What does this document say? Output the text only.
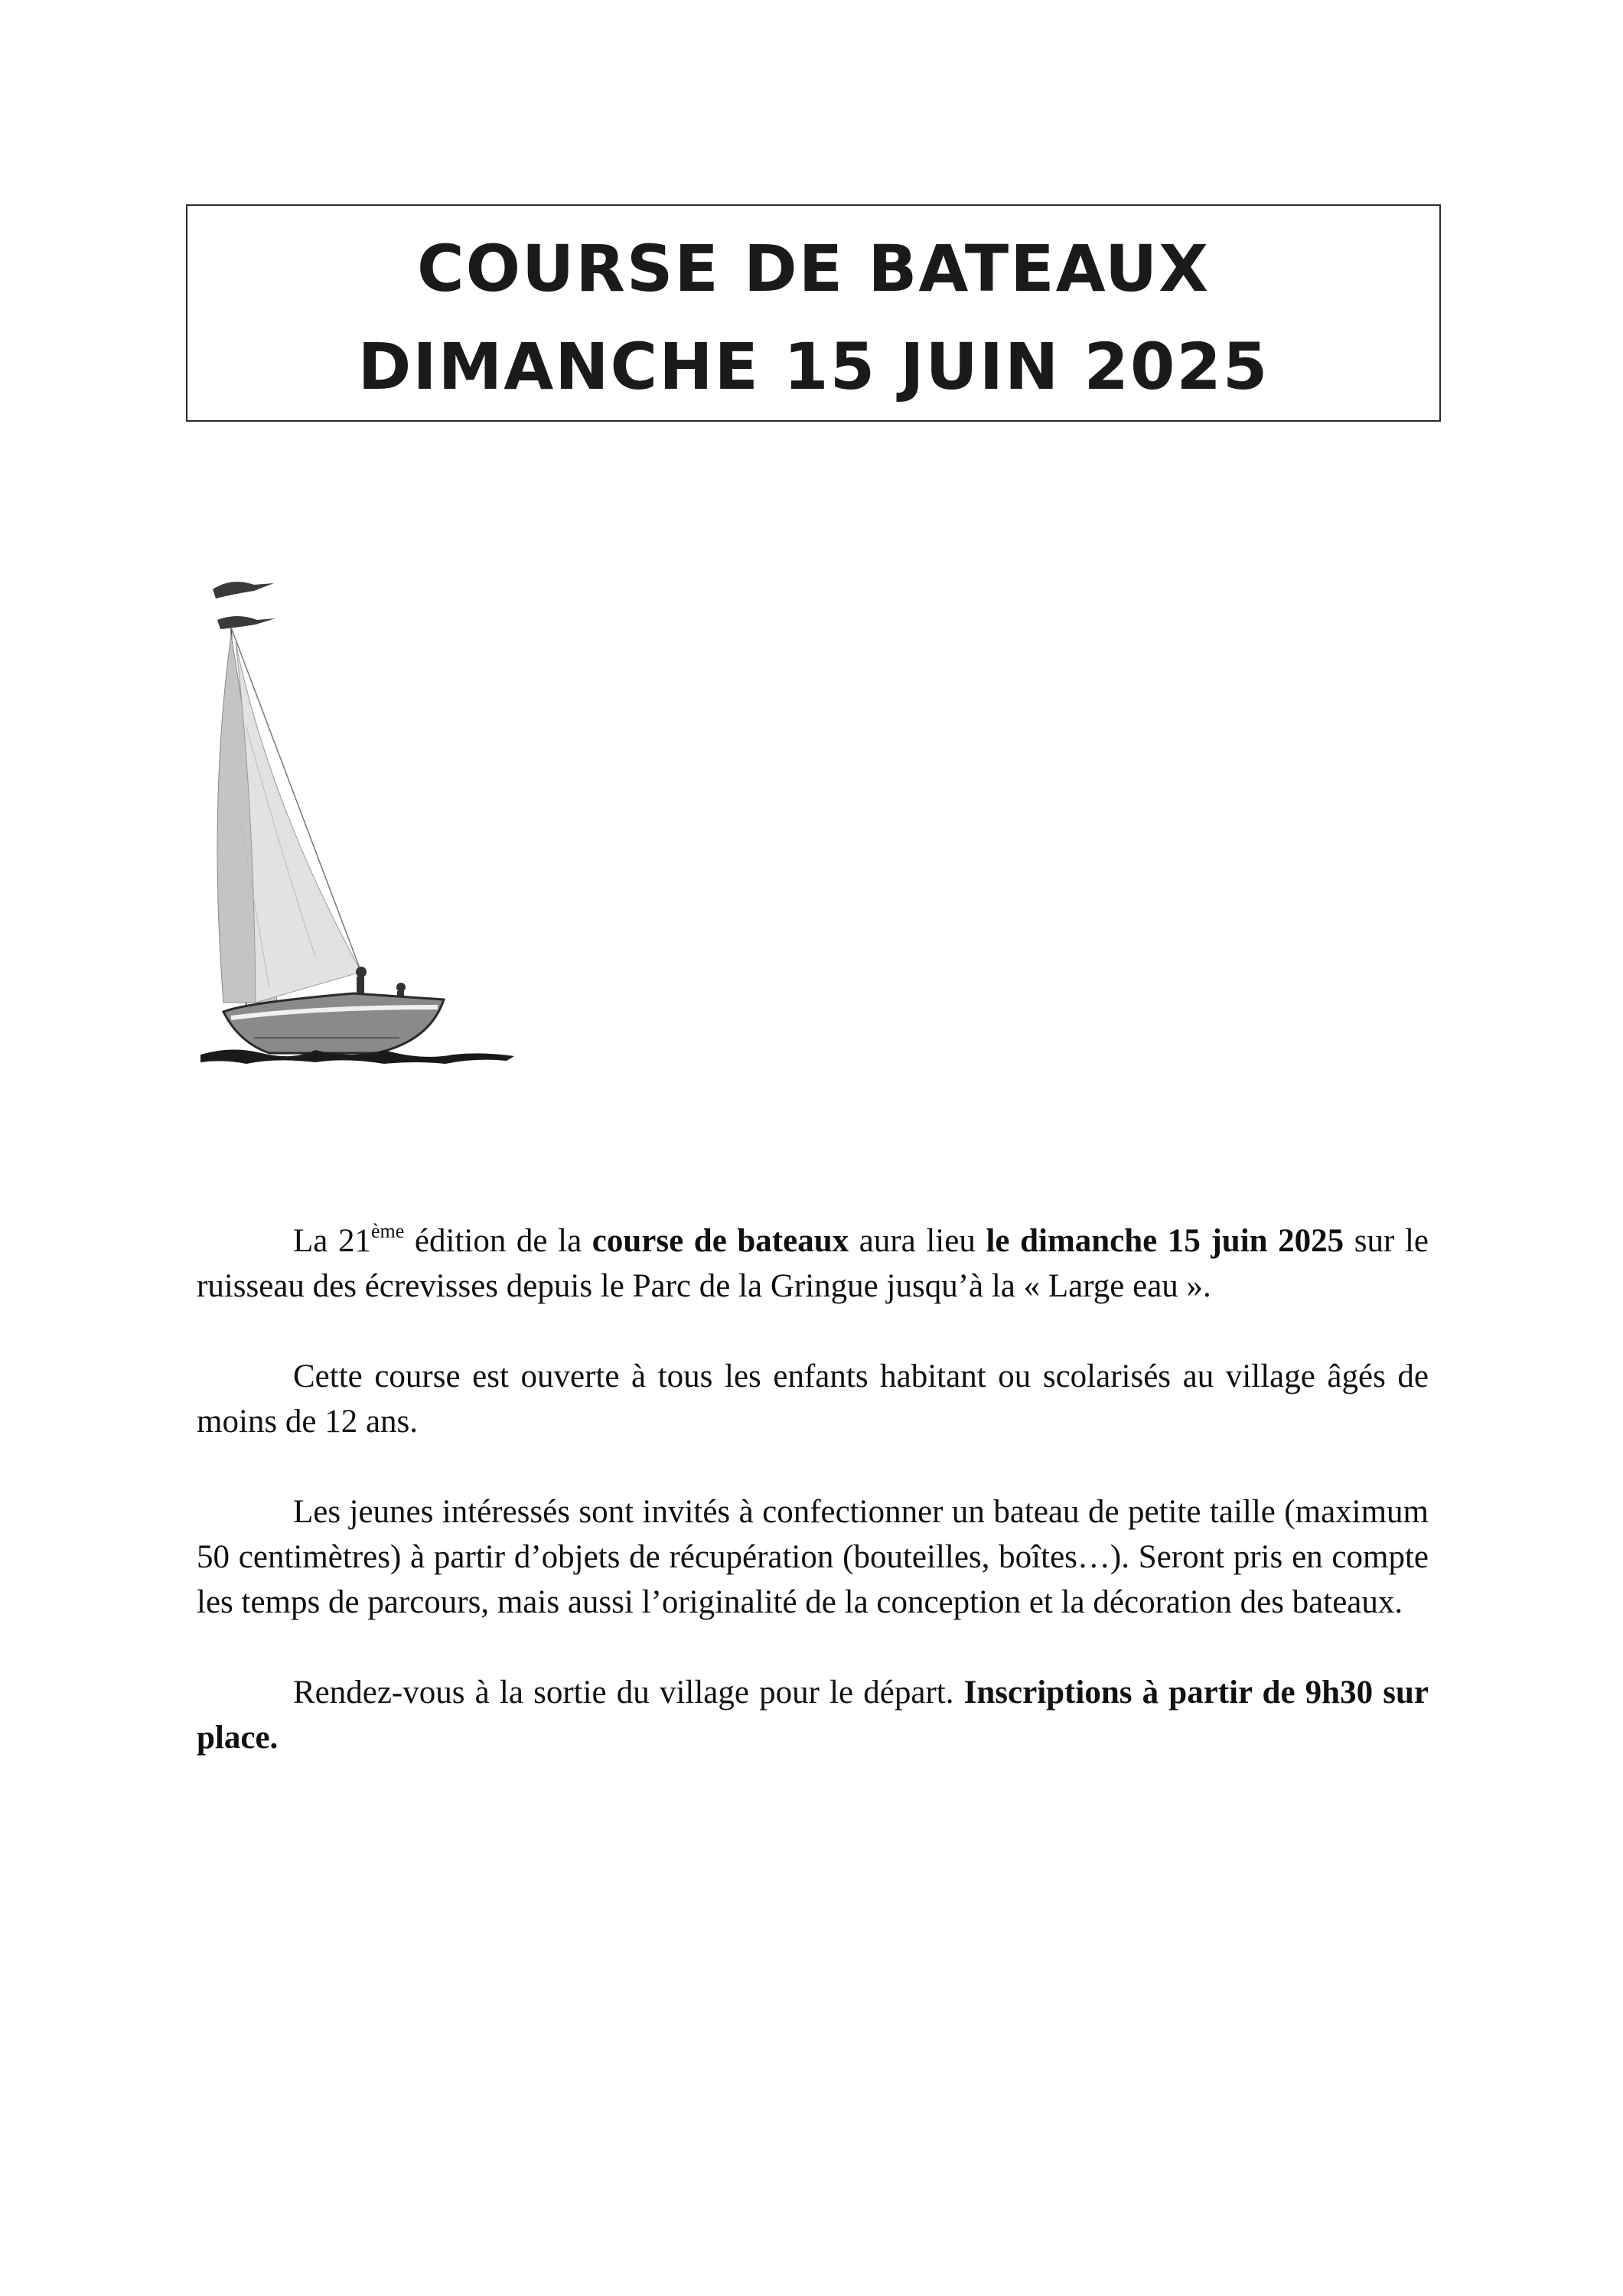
COURSE DE BATEAUX
DIMANCHE 15 JUIN 2025

La 21ème édition de la course de bateaux aura lieu le dimanche 15 juin 2025 sur le ruisseau des écrevisses depuis le Parc de la Gringue jusqu’à la « Large eau ».

Cette course est ouverte à tous les enfants habitant ou scolarisés au village âgés de moins de 12 ans.

Les jeunes intéressés sont invités à confectionner un bateau de petite taille (maximum 50 centimètres) à partir d’objets de récupération (bouteilles, boîtes…). Seront pris en compte les temps de parcours, mais aussi l’originalité de la conception et la décoration des bateaux.

Rendez-vous à la sortie du village pour le départ. Inscriptions à partir de 9h30 sur place.
